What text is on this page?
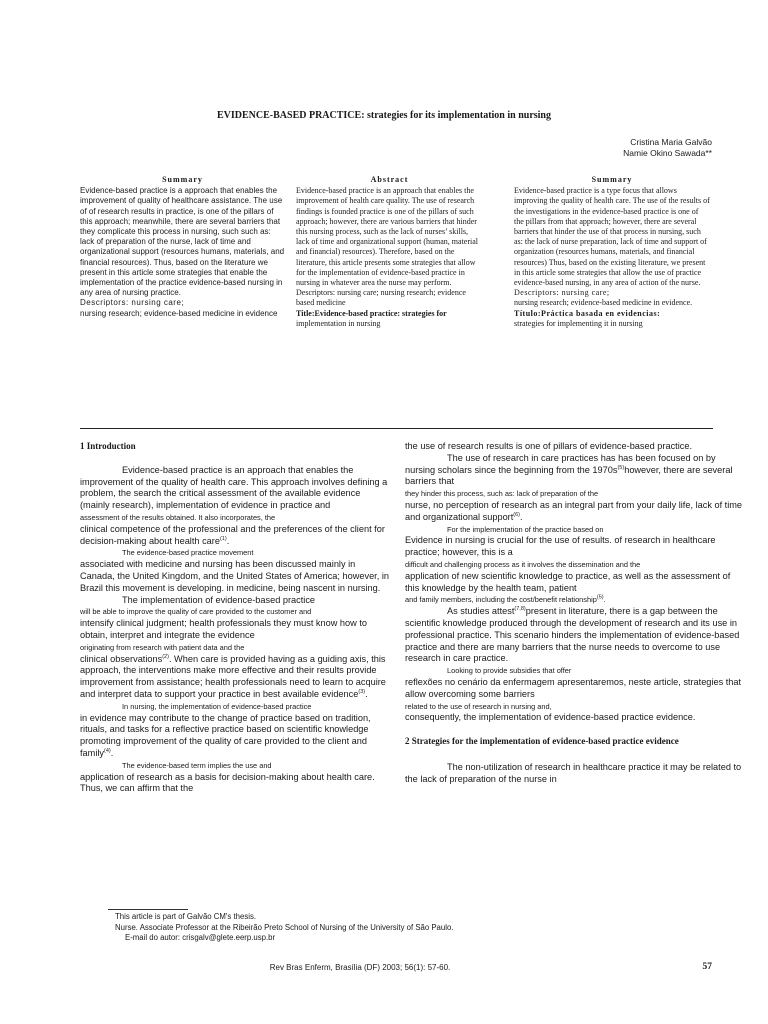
EVIDENCE-BASED PRACTICE: strategies for its implementation in nursing
Cristina Maria Galvão
Namie Okino Sawada**
Summary
Evidence-based practice is a approach that enables the improvement of quality of healthcare assistance. The use of of research results in practice, is one of the pillars of this approach; meanwhile, there are several barriers that they complicate this process in nursing, such such as: lack of preparation of the nurse, lack of time and organizational support (resources humans, materials, and financial resources). Thus, based on the literature we present in this article some strategies that enable the implementation of the practice evidence-based nursing in any area of nursing practice.
Descriptors: nursing care;
nursing research; evidence-based medicine in evidence
Abstract
Evidence-based practice is an approach that enables the improvement of health care quality. The use of research findings is founded practice is one of the pillars of such approach; however, there are various barriers that hinder this nursing process, such as the lack of nurses’ skills, lack of time and organizational support (human, material and financial) resources). Therefore, based on the literature, this article presents some strategies that allow for the implementation of evidence-based practice in nursing in whatever area the nurse may perform.
Descriptors: nursing care; nursing research; evidence based medicine
Title:Evidence-based practice: strategies for
implementation in nursing
Summary
Evidence-based practice is a type focus that allows improving the quality of health care. The use of the results of the investigations in the evidence-based practice is one of the pillars from that approach; however, there are several barriers that hinder the use of that process in nursing, such as: the lack of nurse preparation, lack of time and support of organization (resources humans, materials, and financial resources) Thus, based on the existing literature, we present in this article some strategies that allow the use of practice evidence-based nursing, in any area of action of the nurse.
Descriptors: nursing care;
nursing research; evidence-based medicine in evidence.
Título:Práctica basada en evidencias:
strategies for implementing it in nursing

1 Introduction

Evidence-based practice is an approach that enables the improvement of the quality of health care. This approach involves defining a problem, the search the critical assessment of the available evidence (mainly research), implementation of evidence in practice and

assessment of the results obtained. It also incorporates, the

clinical competence of the professional and the preferences of the client for decision-making about health care$^{(1)}$.

The evidence-based practice movement

associated with medicine and nursing has been discussed mainly in Canada, the United Kingdom, and the United States of America; however, in Brazil this movement is developing. in medicine, being nascent in nursing.

The implementation of evidence-based practice

will be able to improve the quality of care provided to the customer and

intensify clinical judgment; health professionals they must know how to obtain, interpret and integrate the evidence

originating from research with patient data and the

clinical observations$^{(2)}$. When care is provided having as a guiding axis, this approach, the interventions make more effective and their results provide improvement from assistance; health professionals need to learn to acquire and interpret data to support your practice in best available evidence$^{(3)}$.

In nursing, the implementation of evidence-based practice

in evidence may contribute to the change of practice based on tradition, rituals, and tasks for a reflective practice based on scientific knowledge promoting improvement of the quality of care provided to the client and family$^{(4)}$.

The evidence-based term implies the use and

application of research as a basis for decision-making about health care. Thus, we can affirm that the

the use of research results is one of pillars of evidence-based practice.

The use of research in care practices has has been focused on by nursing scholars since the beginning from the $1970s^{(5)}however$, there are several barriers that

they hinder this process, such as: lack of preparation of the

nurse, no perception of research as an integral part from your daily life, lack of time and organizational support$^{(6)}$.

For the implementation of the practice based on

Evidence in nursing is crucial for the use of results. of research in healthcare practice; however, this is a

difficult and challenging process as it involves the dissemination and the

application of new scientific knowledge to practice, as well as the assessment of this knowledge by the health team, patient

and family members, including the cost/benefit relationship$^{(5)}$.

As studies attest$^{(7,8)}$present in literature, there is a gap between the scientific knowledge produced through the development of research and its use in professional practice. This scenario hinders the implementation of evidence-based practice and there are many barriers that the nurse needs to overcome to use research in care practice.

Looking to provide subsidies that offer

reflexões no cenário da enfermagem apresentaremos, neste article, strategies that allow overcoming some barriers

related to the use of research in nursing and,

consequently, the implementation of evidence-based practice evidence.

2 Strategies for the implementation of evidence-based practice evidence

The non-utilization of research in healthcare practice it may be related to the lack of preparation of the nurse in

This article is part of Galvão CM's thesis.
Nurse. Associate Professor at the Ribeirão Preto School of Nursing of the University of São Paulo.
E-mail do autor: crisgalv@glete.eerp.usp.br
Rev Bras Enferm, Brasília (DF) 2003; 56(1): 57-60.	57
